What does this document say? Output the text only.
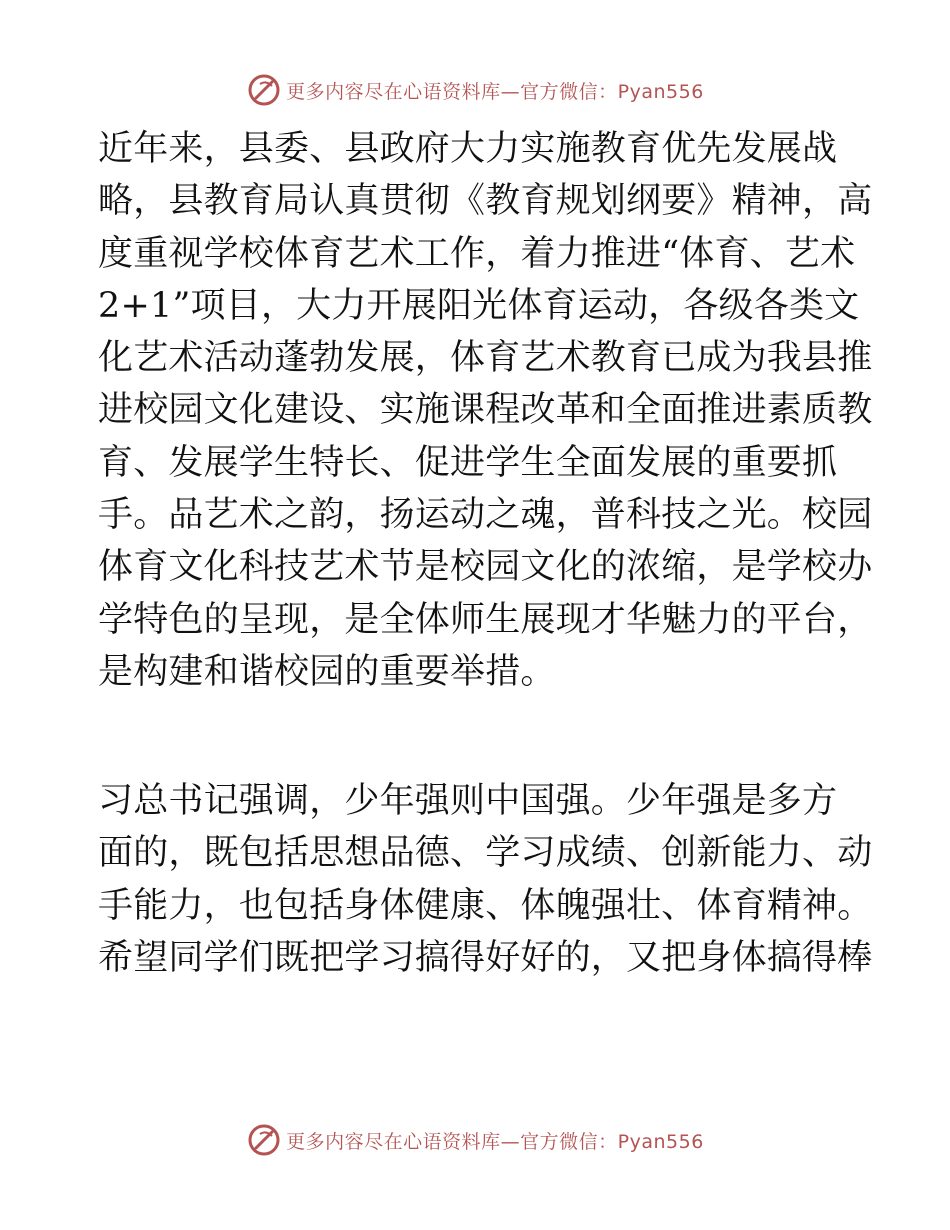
更多内容尽在心语资料库—官方微信：Pyan556
近年来，县委、县政府大力实施教育优先发展战
略，县教育局认真贯彻《教育规划纲要》精神，高
度重视学校体育艺术工作，着力推进“体育、艺术
2+1”项目，大力开展阳光体育运动，各级各类文
化艺术活动蓬勃发展，体育艺术教育已成为我县推
进校园文化建设、实施课程改革和全面推进素质教
育、发展学生特长、促进学生全面发展的重要抓
手。品艺术之韵，扬运动之魂，普科技之光。校园
体育文化科技艺术节是校园文化的浓缩，是学校办
学特色的呈现，是全体师生展现才华魅力的平台，
是构建和谐校园的重要举措。
习总书记强调，少年强则中国强。少年强是多方
面的，既包括思想品德、学习成绩、创新能力、动
手能力，也包括身体健康、体魄强壮、体育精神。
希望同学们既把学习搞得好好的，又把身体搞得棒
更多内容尽在心语资料库—官方微信：Pyan556
